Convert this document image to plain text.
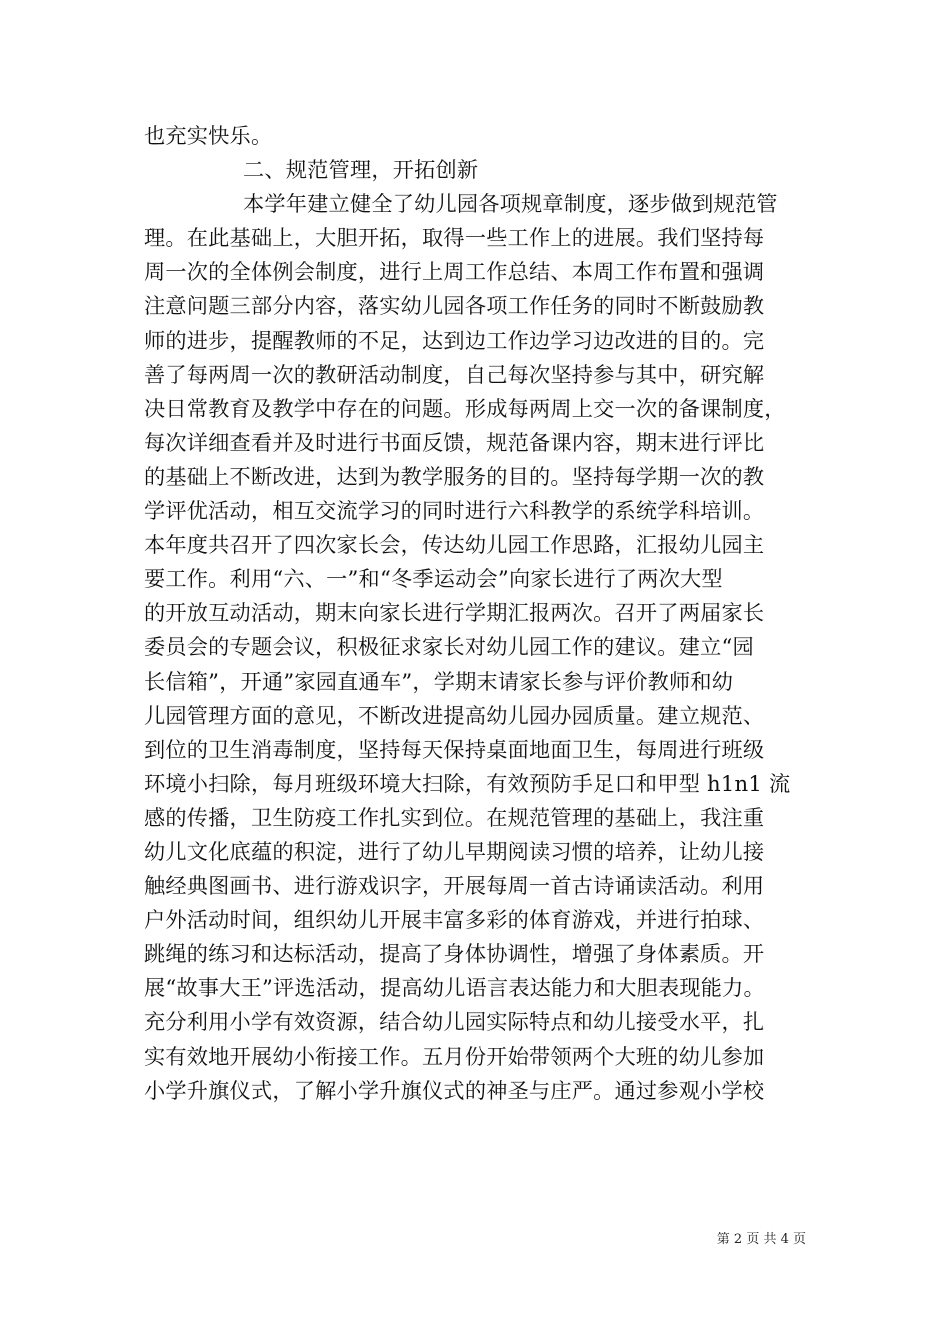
也充实快乐。
二、规范管理，开拓创新
本学年建立健全了幼儿园各项规章制度，逐步做到规范管
理。在此基础上，大胆开拓，取得一些工作上的进展。我们坚持每
周一次的全体例会制度，进行上周工作总结、本周工作布置和强调
注意问题三部分内容，落实幼儿园各项工作任务的同时不断鼓励教
师的进步，提醒教师的不足，达到边工作边学习边改进的目的。完
善了每两周一次的教研活动制度，自己每次坚持参与其中，研究解
决日常教育及教学中存在的问题。形成每两周上交一次的备课制度，
每次详细查看并及时进行书面反馈，规范备课内容，期末进行评比
的基础上不断改进，达到为教学服务的目的。坚持每学期一次的教
学评优活动，相互交流学习的同时进行六科教学的系统学科培训。
本年度共召开了四次家长会，传达幼儿园工作思路，汇报幼儿园主
要工作。利用“六、一”和“冬季运动会”向家长进行了两次大型
的开放互动活动，期末向家长进行学期汇报两次。召开了两届家长
委员会的专题会议，积极征求家长对幼儿园工作的建议。建立“园
长信箱”，开通”家园直通车”，学期末请家长参与评价教师和幼
儿园管理方面的意见，不断改进提高幼儿园办园质量。建立规范、
到位的卫生消毒制度，坚持每天保持桌面地面卫生，每周进行班级
环境小扫除，每月班级环境大扫除，有效预防手足口和甲型 h1n1 流
感的传播，卫生防疫工作扎实到位。在规范管理的基础上，我注重
幼儿文化底蕴的积淀，进行了幼儿早期阅读习惯的培养，让幼儿接
触经典图画书、进行游戏识字，开展每周一首古诗诵读活动。利用
户外活动时间，组织幼儿开展丰富多彩的体育游戏，并进行拍球、
跳绳的练习和达标活动，提高了身体协调性，增强了身体素质。开
展“故事大王”评选活动，提高幼儿语言表达能力和大胆表现能力。
充分利用小学有效资源，结合幼儿园实际特点和幼儿接受水平，扎
实有效地开展幼小衔接工作。五月份开始带领两个大班的幼儿参加
小学升旗仪式，了解小学升旗仪式的神圣与庄严。通过参观小学校
第 2 页 共 4 页
